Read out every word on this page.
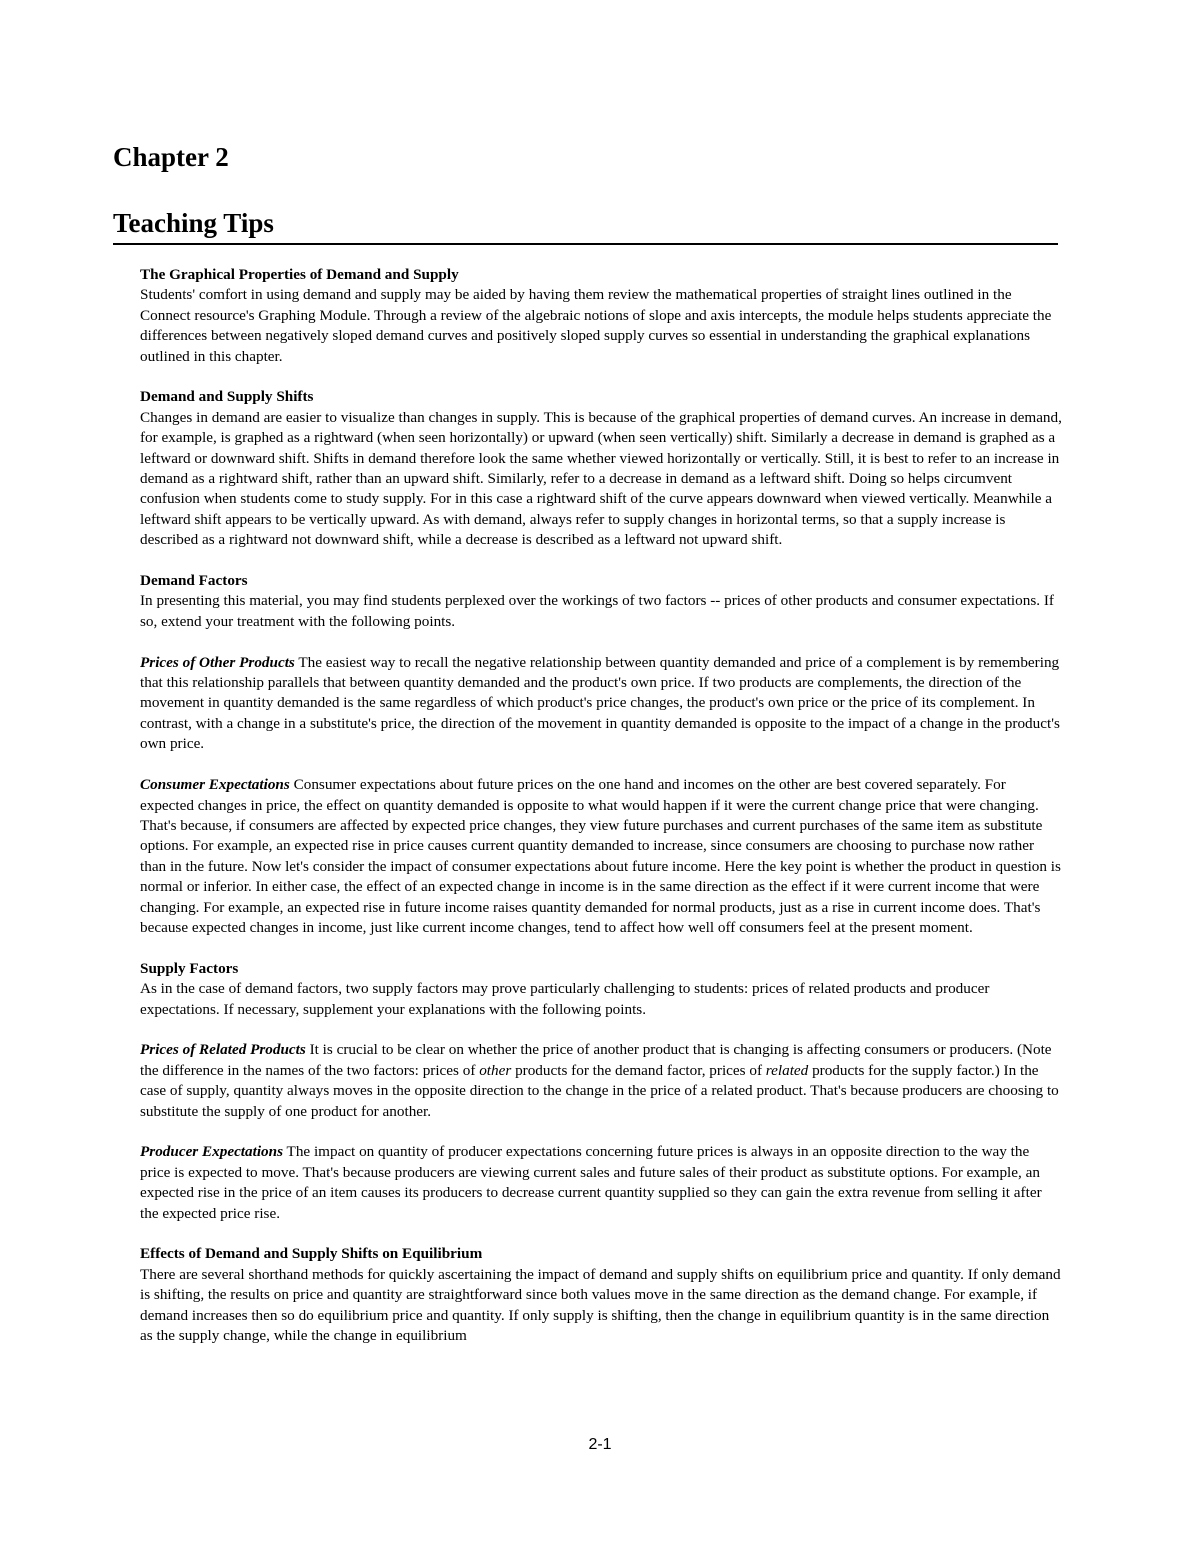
Chapter 2
Teaching Tips
The Graphical Properties of Demand and Supply

Students' comfort in using demand and supply may be aided by having them review the mathematical properties of straight lines outlined in the Connect resource's Graphing Module. Through a review of the algebraic notions of slope and axis intercepts, the module helps students appreciate the differences between negatively sloped demand curves and positively sloped supply curves so essential in understanding the graphical explanations outlined in this chapter.

Demand and Supply Shifts

Changes in demand are easier to visualize than changes in supply. This is because of the graphical properties of demand curves. An increase in demand, for example, is graphed as a rightward (when seen horizontally) or upward (when seen vertically) shift. Similarly a decrease in demand is graphed as a leftward or downward shift. Shifts in demand therefore look the same whether viewed horizontally or vertically. Still, it is best to refer to an increase in demand as a rightward shift, rather than an upward shift. Similarly, refer to a decrease in demand as a leftward shift. Doing so helps circumvent confusion when students come to study supply. For in this case a rightward shift of the curve appears downward when viewed vertically. Meanwhile a leftward shift appears to be vertically upward. As with demand, always refer to supply changes in horizontal terms, so that a supply increase is described as a rightward not downward shift, while a decrease is described as a leftward not upward shift.

Demand Factors

In presenting this material, you may find students perplexed over the workings of two factors -- prices of other products and consumer expectations. If so, extend your treatment with the following points.

Prices of Other Products The easiest way to recall the negative relationship between quantity demanded and price of a complement is by remembering that this relationship parallels that between quantity demanded and the product's own price. If two products are complements, the direction of the movement in quantity demanded is the same regardless of which product's price changes, the product's own price or the price of its complement. In contrast, with a change in a substitute's price, the direction of the movement in quantity demanded is opposite to the impact of a change in the product's own price.

Consumer Expectations Consumer expectations about future prices on the one hand and incomes on the other are best covered separately. For expected changes in price, the effect on quantity demanded is opposite to what would happen if it were the current change price that were changing. That's because, if consumers are affected by expected price changes, they view future purchases and current purchases of the same item as substitute options. For example, an expected rise in price causes current quantity demanded to increase, since consumers are choosing to purchase now rather than in the future. Now let's consider the impact of consumer expectations about future income. Here the key point is whether the product in question is normal or inferior. In either case, the effect of an expected change in income is in the same direction as the effect if it were current income that were changing. For example, an expected rise in future income raises quantity demanded for normal products, just as a rise in current income does. That's because expected changes in income, just like current income changes, tend to affect how well off consumers feel at the present moment.

Supply Factors

As in the case of demand factors, two supply factors may prove particularly challenging to students: prices of related products and producer expectations. If necessary, supplement your explanations with the following points.

Prices of Related Products It is crucial to be clear on whether the price of another product that is changing is affecting consumers or producers. (Note the difference in the names of the two factors: prices of other products for the demand factor, prices of related products for the supply factor.) In the case of supply, quantity always moves in the opposite direction to the change in the price of a related product. That's because producers are choosing to substitute the supply of one product for another.

Producer Expectations The impact on quantity of producer expectations concerning future prices is always in an opposite direction to the way the price is expected to move. That's because producers are viewing current sales and future sales of their product as substitute options. For example, an expected rise in the price of an item causes its producers to decrease current quantity supplied so they can gain the extra revenue from selling it after the expected price rise.

Effects of Demand and Supply Shifts on Equilibrium

There are several shorthand methods for quickly ascertaining the impact of demand and supply shifts on equilibrium price and quantity. If only demand is shifting, the results on price and quantity are straightforward since both values move in the same direction as the demand change. For example, if demand increases then so do equilibrium price and quantity. If only supply is shifting, then the change in equilibrium quantity is in the same direction as the supply change, while the change in equilibrium

2-1
